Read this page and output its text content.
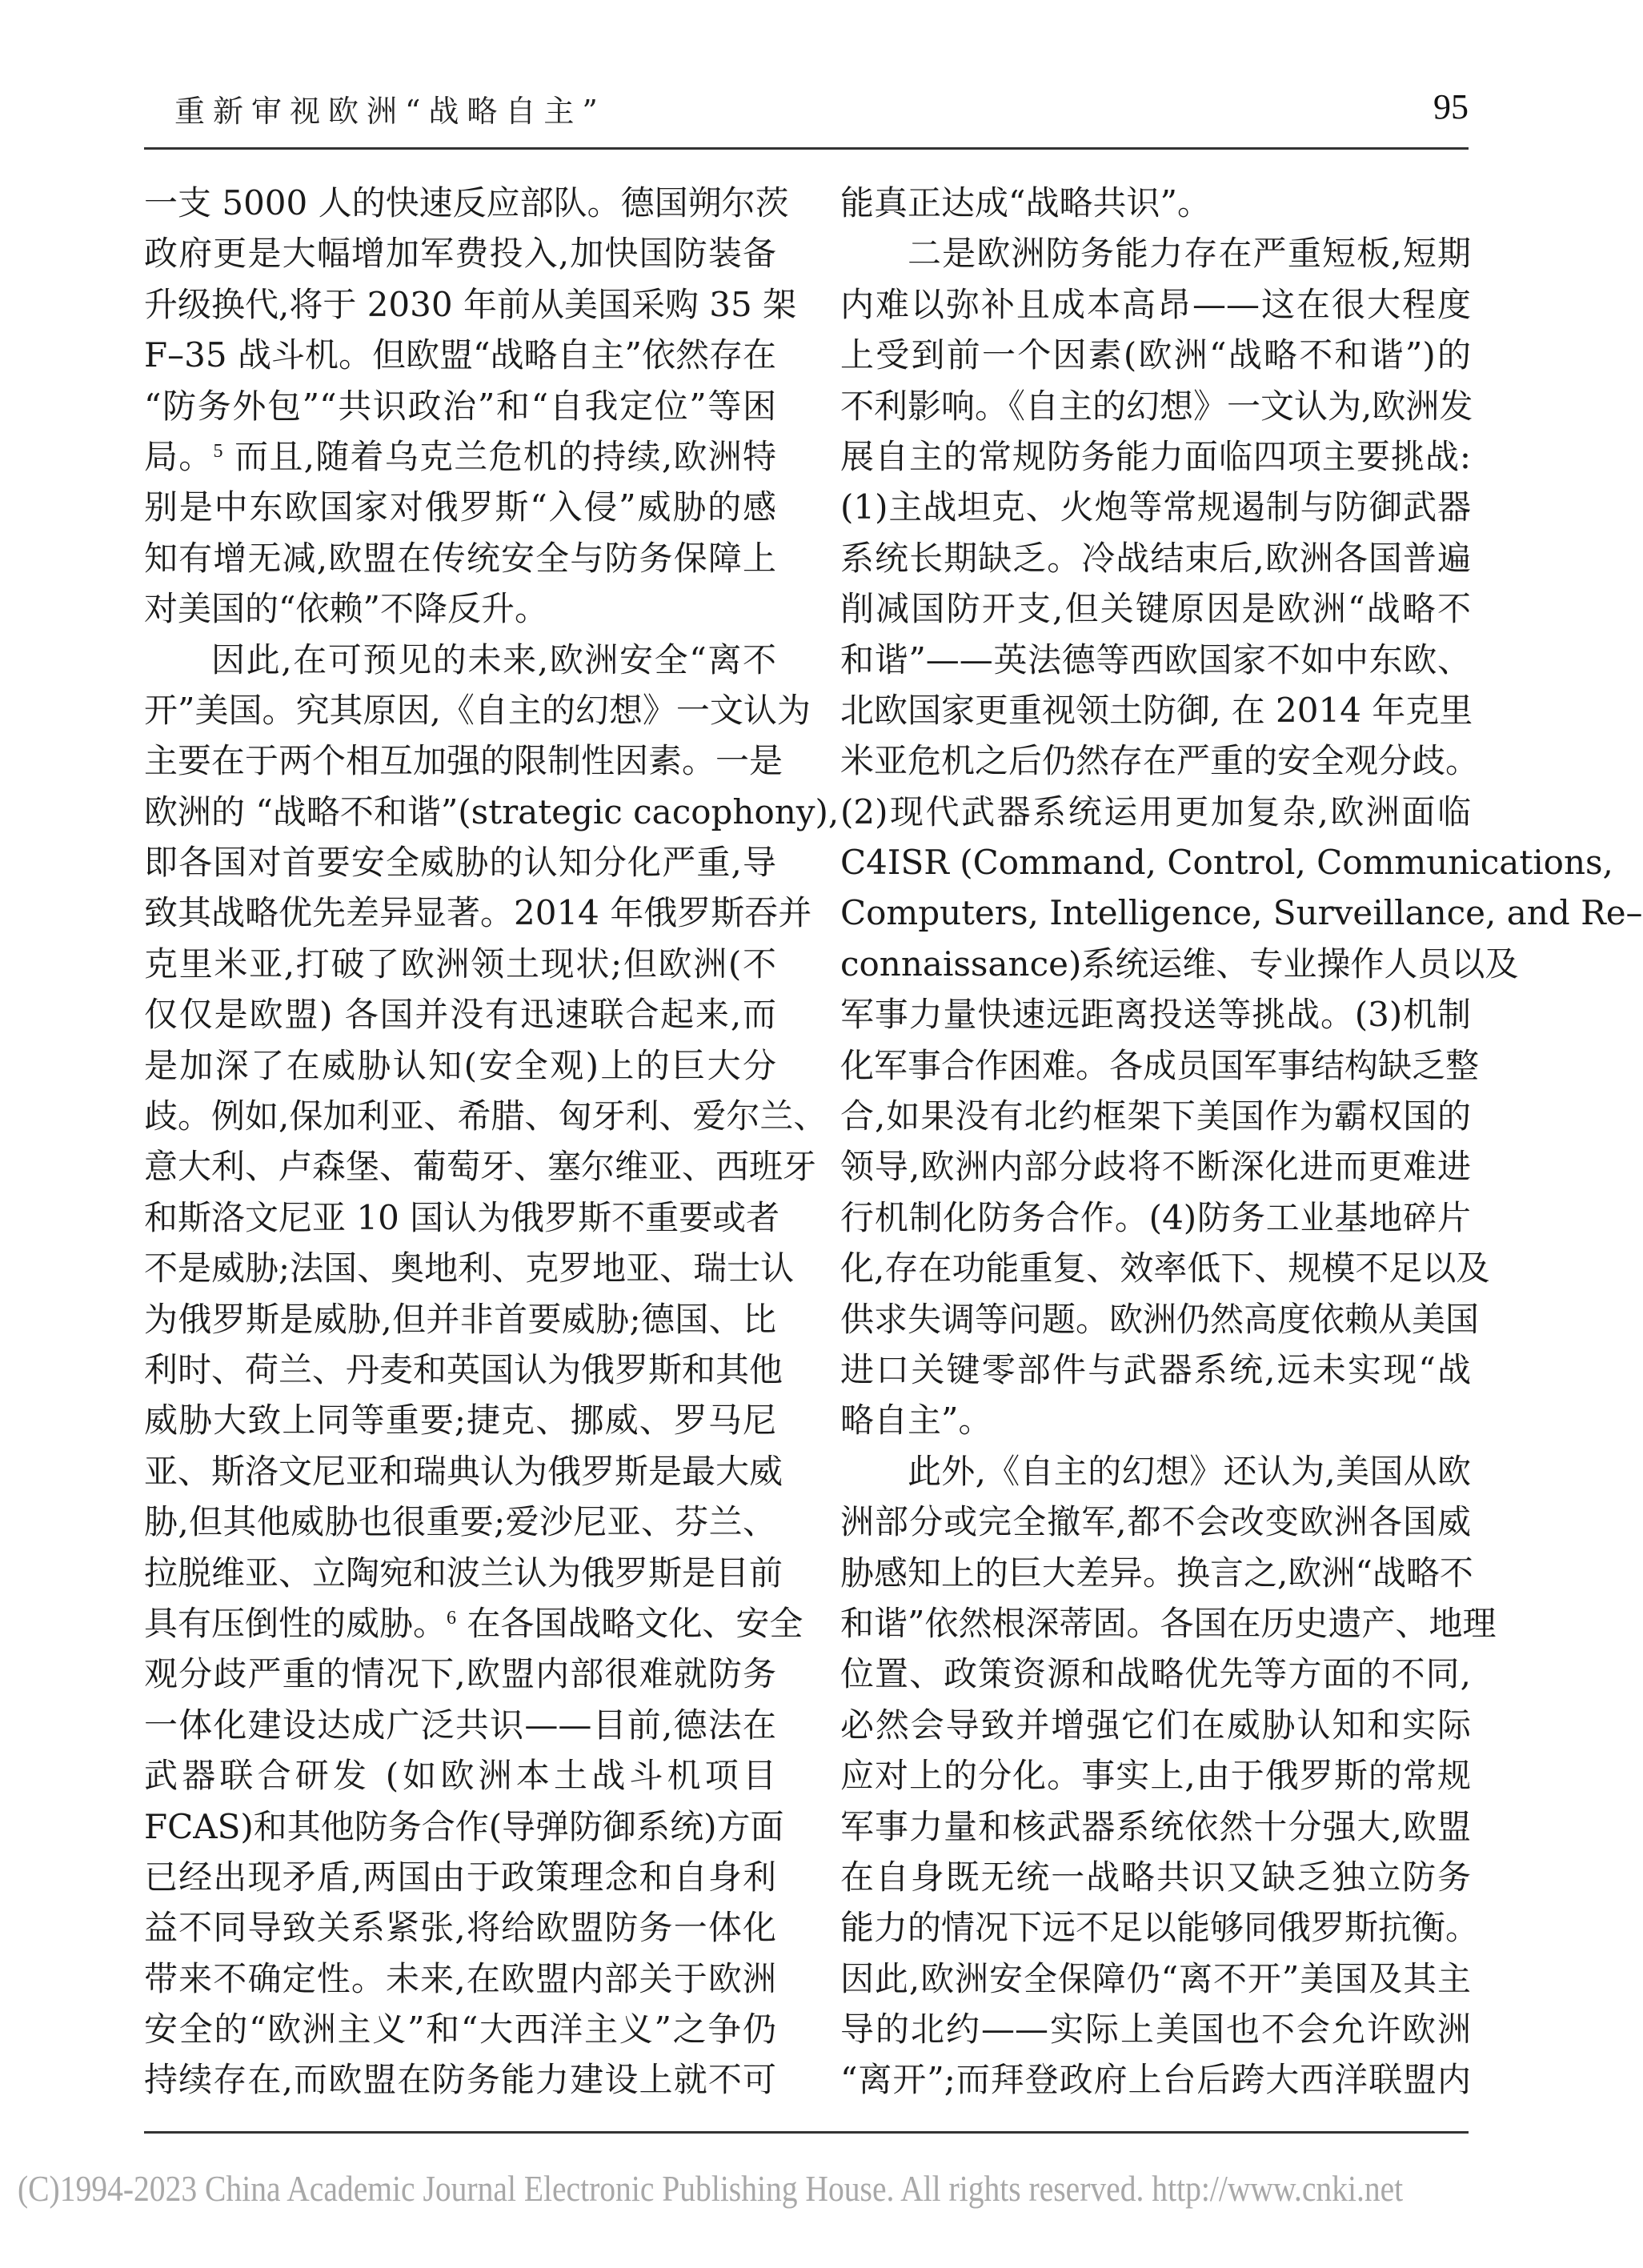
重新审视欧洲“战略自主”	95
一支 5000 人的快速反应部队。德国朔尔茨
政府更是大幅增加军费投入,加快国防装备
升级换代,将于 2030 年前从美国采购 35 架
F–35 战斗机。但欧盟“战略自主”依然存在
“防务外包”“共识政治”和“自我定位”等困
局。$^5$ 而且,随着乌克兰危机的持续,欧洲特
别是中东欧国家对俄罗斯“入侵”威胁的感
知有增无减,欧盟在传统安全与防务保障上
对美国的“依赖”不降反升。
因此,在可预见的未来,欧洲安全“离不
开”美国。究其原因,《自主的幻想》一文认为
主要在于两个相互加强的限制性因素。一是
欧洲的 “战略不和谐”(strategic cacophony),
即各国对首要安全威胁的认知分化严重,导
致其战略优先差异显著。2014 年俄罗斯吞并
克里米亚,打破了欧洲领土现状;但欧洲(不
仅仅是欧盟) 各国并没有迅速联合起来,而
是加深了在威胁认知(安全观)上的巨大分
歧。例如,保加利亚、希腊、匈牙利、爱尔兰、
意大利、卢森堡、葡萄牙、塞尔维亚、西班牙
和斯洛文尼亚 10 国认为俄罗斯不重要或者
不是威胁;法国、奥地利、克罗地亚、瑞士认
为俄罗斯是威胁,但并非首要威胁;德国、比
利时、荷兰、丹麦和英国认为俄罗斯和其他
威胁大致上同等重要;捷克、挪威、罗马尼
亚、斯洛文尼亚和瑞典认为俄罗斯是最大威
胁,但其他威胁也很重要;爱沙尼亚、芬兰、
拉脱维亚、立陶宛和波兰认为俄罗斯是目前
具有压倒性的威胁。$^6$ 在各国战略文化、安全
观分歧严重的情况下,欧盟内部很难就防务
一体化建设达成广泛共识——目前,德法在
武器联合研发 (如欧洲本土战斗机项目
FCAS)和其他防务合作(导弹防御系统)方面
已经出现矛盾,两国由于政策理念和自身利
益不同导致关系紧张,将给欧盟防务一体化
带来不确定性。未来,在欧盟内部关于欧洲
安全的“欧洲主义”和“大西洋主义”之争仍
持续存在,而欧盟在防务能力建设上就不可
能真正达成“战略共识”。
二是欧洲防务能力存在严重短板,短期
内难以弥补且成本高昂——这在很大程度
上受到前一个因素(欧洲“战略不和谐”)的
不利影响。《自主的幻想》一文认为,欧洲发
展自主的常规防务能力面临四项主要挑战:
(1)主战坦克、火炮等常规遏制与防御武器
系统长期缺乏。冷战结束后,欧洲各国普遍
削减国防开支,但关键原因是欧洲“战略不
和谐”——英法德等西欧国家不如中东欧、
北欧国家更重视领土防御, 在 2014 年克里
米亚危机之后仍然存在严重的安全观分歧。
(2)现代武器系统运用更加复杂,欧洲面临
C4ISR (Command, Control, Communications,
Computers, Intelligence, Surveillance, and Re–
connaissance)系统运维、专业操作人员以及
军事力量快速远距离投送等挑战。(3)机制
化军事合作困难。各成员国军事结构缺乏整
合,如果没有北约框架下美国作为霸权国的
领导,欧洲内部分歧将不断深化进而更难进
行机制化防务合作。(4)防务工业基地碎片
化,存在功能重复、效率低下、规模不足以及
供求失调等问题。欧洲仍然高度依赖从美国
进口关键零部件与武器系统,远未实现“战
略自主”。
此外,《自主的幻想》还认为,美国从欧
洲部分或完全撤军,都不会改变欧洲各国威
胁感知上的巨大差异。换言之,欧洲“战略不
和谐”依然根深蒂固。各国在历史遗产、地理
位置、政策资源和战略优先等方面的不同,
必然会导致并增强它们在威胁认知和实际
应对上的分化。事实上,由于俄罗斯的常规
军事力量和核武器系统依然十分强大,欧盟
在自身既无统一战略共识又缺乏独立防务
能力的情况下远不足以能够同俄罗斯抗衡。
因此,欧洲安全保障仍“离不开”美国及其主
导的北约——实际上美国也不会允许欧洲
“离开”;而拜登政府上台后跨大西洋联盟内
(C)1994-2023 China Academic Journal Electronic Publishing House. All rights reserved. http://www.cnki.net
